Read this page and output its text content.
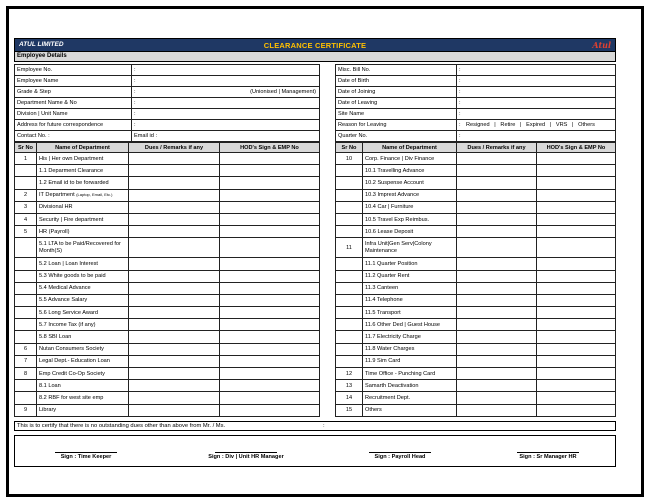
ATUL LIMITED	CLEARANCE CERTIFICATE	Atul
Employee Details
Employee No.	:
Employee Name	:
Grade & Step	: (Unionised | Management)

Department Name & No	:
Division | Unit Name	:
Address for future correspondence	:
Contact No. :	Email id :
Misc. Bill No.	:
Date of Birth	:
Date of Joining	:
Date of Leaving	:
Site Name	:
Reason for Leaving	: Resigned   |   Retire   |   Expired   |   VRS   |   Others

Quarter No.	:
Sr No	Name of Department	Dues / Remarks if any	HOD's Sign & EMP No
1	His | Her own Department		
	1.1 Deparment Clearance		
	1.2 Email id to be forwarded		
2	IT Department (Laptop, Email, Etc.)		
3	Divisional HR		
4	Security | Fire department		
5	HR (Payroll)		
	5.1 LTA to be Paid/Recovered for                Month(S)		
	5.2 Loan | Loan Interest		
	5.3 White goods to be paid		
	5.4 Medical Advance		
	5.5 Advance Salary		
	5.6 Long Service Award		
	5.7 Income Tax (if any)		
	5.8 SBI Loan		
6	Nutan Consumers Society		
7	Legal Dept.- Education Loan		
8	Emp Credit Co-Op Society		
	8.1 Loan		
	8.2 RBF for west site emp		
9	Library		
Sr No	Name of Department	Dues / Remarks if any	HOD's Sign & EMP No
10	Corp. Finance | Div Finance		
	10.1 Travelling Advance		
	10.2 Suspense Account		
	10.3 Imprest Advance		
	10.4 Car | Furniture		
	10.5 Travel Exp Reimbus.		
	10.6 Lease Deposit		
11	Infra Unit|Gen Serv|Colony Maintenance		
	11.1 Quarter Position		
	11.2 Quarter Rent		
	11.3 Canteen		
	11.4 Telephone		
	11.5 Transport		
	11.6 Other Ded | Guest House		
	11.7 Electricity Charge		
	11.8 Water Charges		
	11.9 Sim Card		
12	Time Office - Punching Card		
13	Samarth Deactivation		
14	Recruitment Dept.		
15	Others		
This is to certify that there is no outstanding dues other than above from Mr. / Ms.	:
Sign : Time Keeper	Sign : Div | Unit HR Manager	Sign : Payroll Head	Sign : Sr Manager HR
